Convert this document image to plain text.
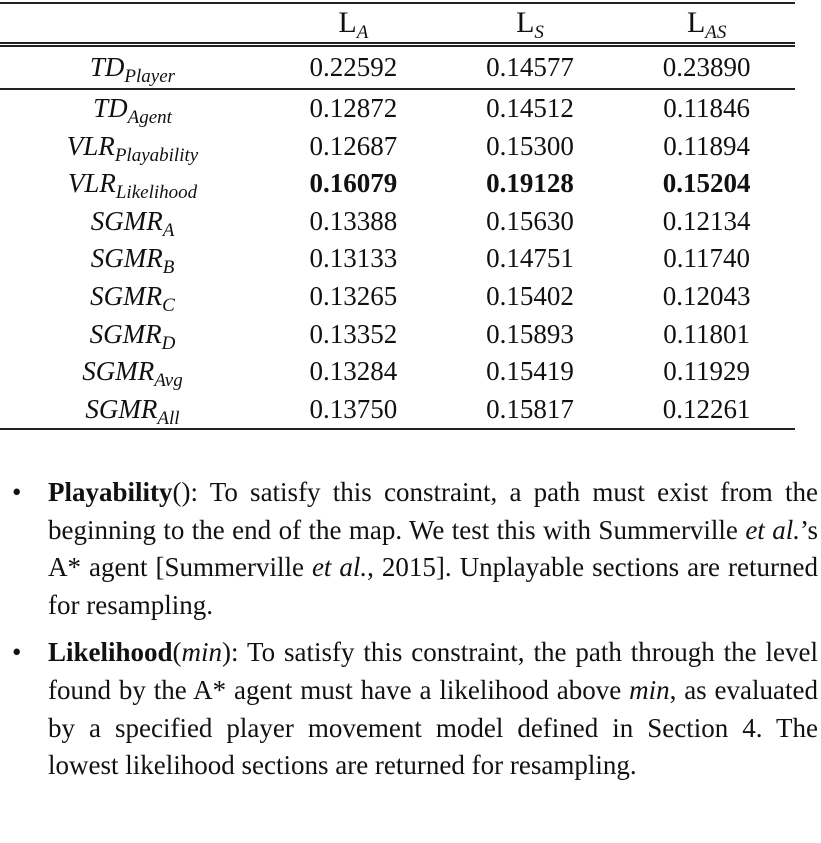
	$L_A$	$L_S$	$L_{AS}$
$TD_{Player}$	0.22592	0.14577	0.23890
$TD_{Agent}$	0.12872	0.14512	0.11846
$VLR_{Playability}$	0.12687	0.15300	0.11894
$VLR_{Likelihood}$	0.16079	0.19128	0.15204
$SGMR_A$	0.13388	0.15630	0.12134
$SGMR_B$	0.13133	0.14751	0.11740
$SGMR_C$	0.13265	0.15402	0.12043
$SGMR_D$	0.13352	0.15893	0.11801
$SGMR_{Avg}$	0.13284	0.15419	0.11929
$SGMR_{All}$	0.13750	0.15817	0.12261
• Playability(): To satisfy this constraint, a path must exist from the beginning to the end of the map. We test this with Summerville et al.’s A* agent [Summerville et al., 2015]. Unplayable sections are returned for resampling.
• Likelihood(min): To satisfy this constraint, the path through the level found by the A* agent must have a likelihood above min, as evaluated by a specified player movement model defined in Section 4. The lowest likelihood sections are returned for resampling.
